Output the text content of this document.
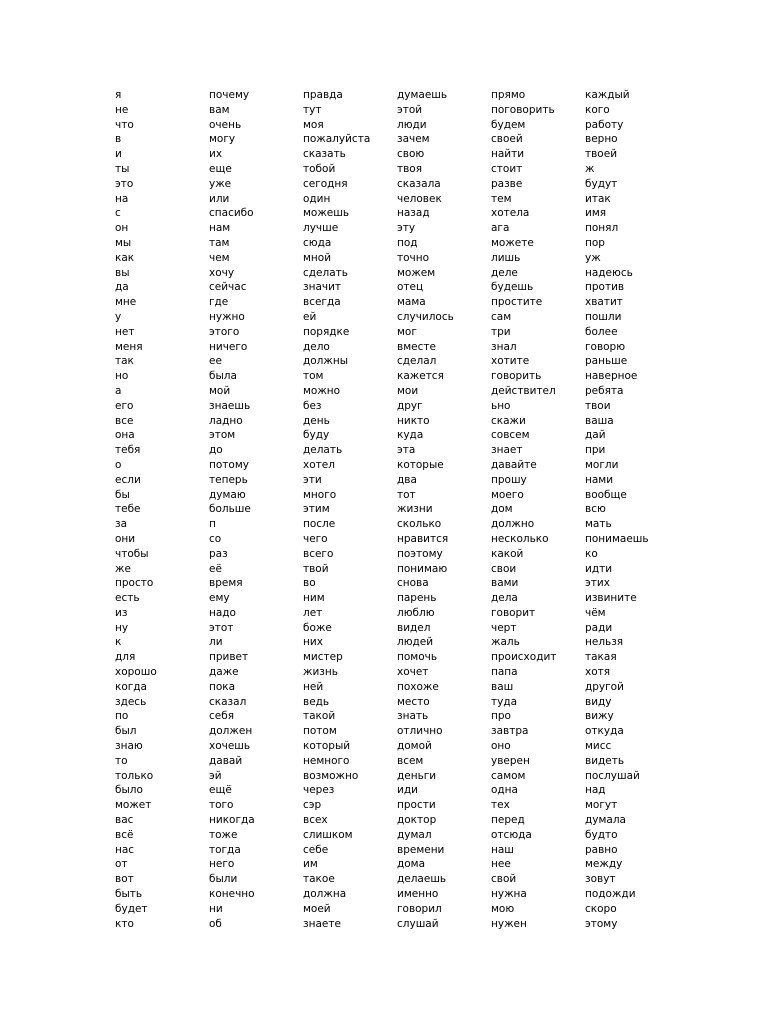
я
не
что
в
и
ты
это
на
с
он
мы
как
вы
да
мне
у
нет
меня
так
но
а
его
все
она
тебя
о
если
бы
тебе
за
они
чтобы
же
просто
есть
из
ну
к
для
хорошо
когда
здесь
по
был
знаю
то
только
было
может
вас
всё
нас
от
вот
быть
будет
кто
почему
вам
очень
могу
их
еще
уже
или
спасибо
нам
там
чем
хочу
сейчас
где
нужно
этого
ничего
ее
была
мой
знаешь
ладно
этом
до
потому
теперь
думаю
больше
п
со
раз
её
время
ему
надо
этот
ли
привет
даже
пока
сказал
себя
должен
хочешь
давай
эй
ещё
того
никогда
тоже
тогда
него
были
конечно
ни
об
правда
тут
моя
пожалуйста
сказать
тобой
сегодня
один
можешь
лучше
сюда
мной
сделать
значит
всегда
ей
порядке
дело
должны
том
можно
без
день
буду
делать
хотел
эти
много
этим
после
чего
всего
твой
во
ним
лет
боже
них
мистер
жизнь
ней
ведь
такой
потом
который
немного
возможно
через
сэр
всех
слишком
себе
им
такое
должна
моей
знаете
думаешь
этой
люди
зачем
свою
твоя
сказала
человек
назад
эту
под
точно
можем
отец
мама
случилось
мог
вместе
сделал
кажется
мои
друг
никто
куда
эта
которые
два
тот
жизни
сколько
нравится
поэтому
понимаю
снова
парень
люблю
видел
людей
помочь
хочет
похоже
место
знать
отлично
домой
всем
деньги
иди
прости
доктор
думал
времени
дома
делаешь
именно
говорил
слушай
прямо
поговорить
будем
своей
найти
стоит
разве
тем
хотела
ага
можете
лишь
деле
будешь
простите
сам
три
знал
хотите
говорить
действител
ьно
скажи
совсем
знает
давайте
прошу
моего
дом
должно
несколько
какой
свои
вами
дела
говорит
черт
жаль
происходит
папа
ваш
туда
про
завтра
оно
уверен
самом
одна
тех
перед
отсюда
наш
нее
свой
нужна
мою
нужен
каждый
кого
работу
верно
твоей
ж
будут
итак
имя
понял
пор
уж
надеюсь
против
хватит
пошли
более
говорю
раньше
наверное
ребята
твои
ваша
дай
при
могли
нами
вообще
всю
мать
понимаешь
ко
идти
этих
извините
чём
ради
нельзя
такая
хотя
другой
виду
вижу
откуда
мисс
видеть
послушай
над
могут
думала
будто
равно
между
зовут
подожди
скоро
этому
